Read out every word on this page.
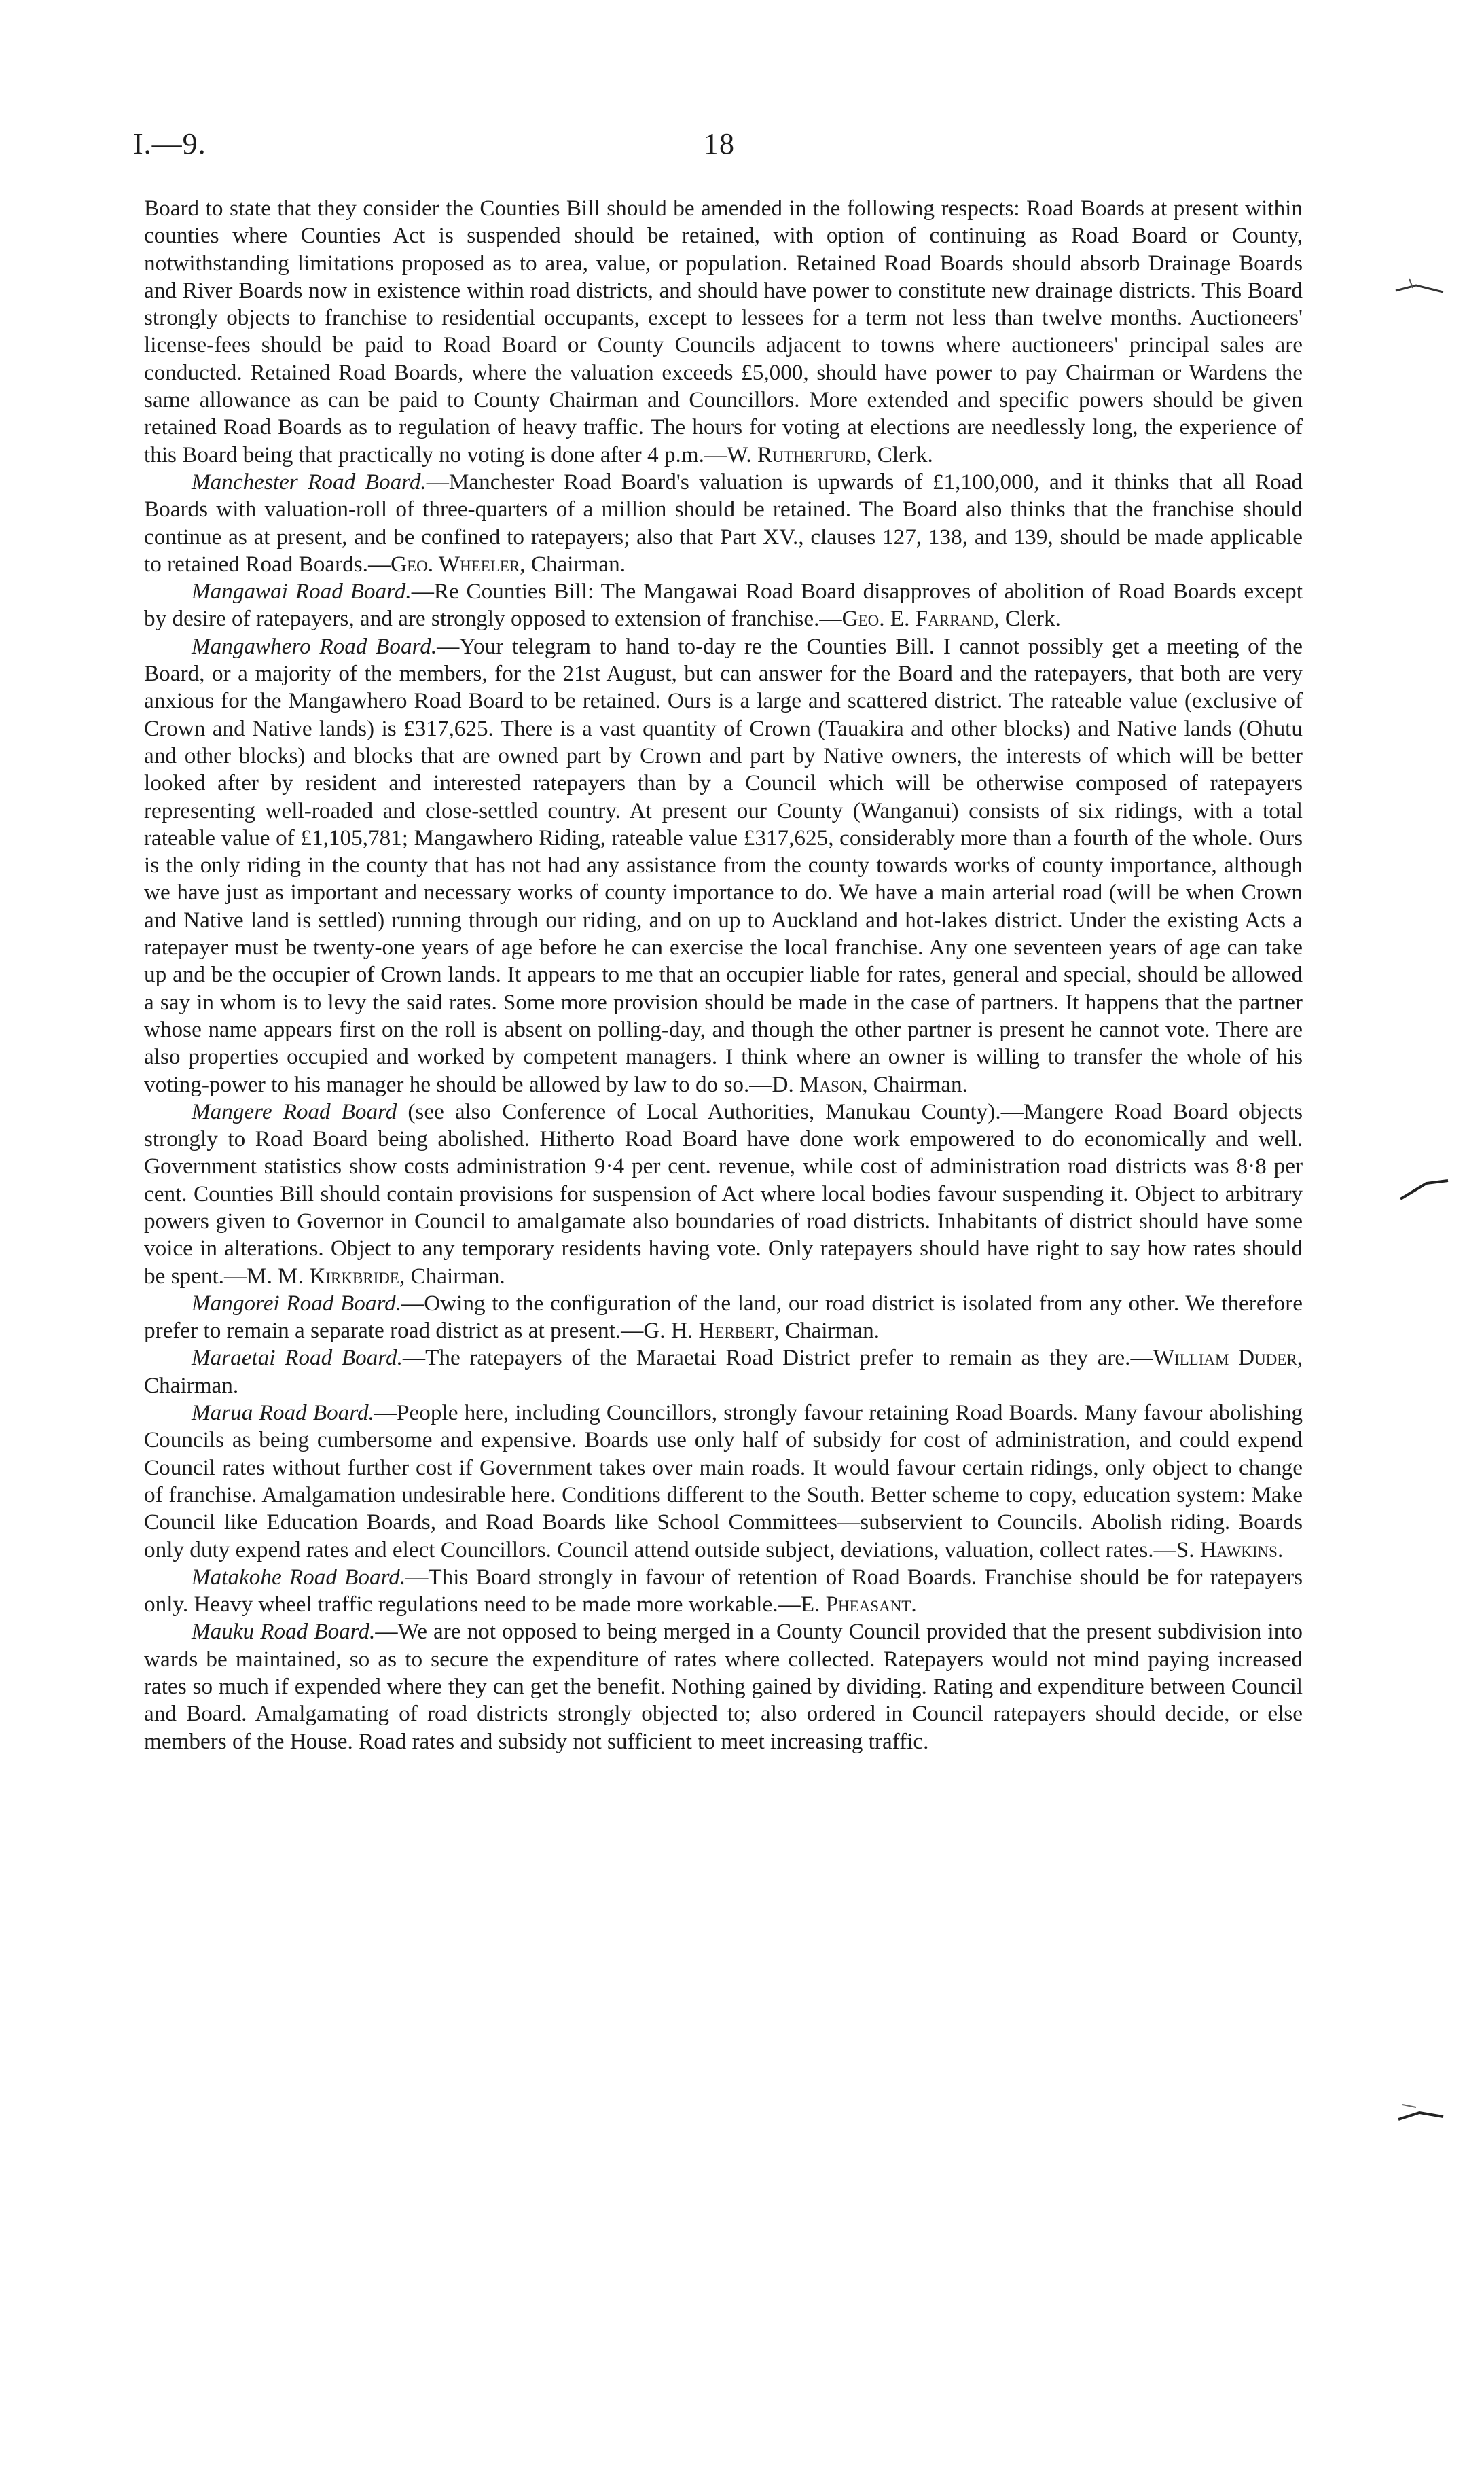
I.—9.	18

Board to state that they consider the Counties Bill should be amended in the following respects: Road Boards at present within counties where Counties Act is suspended should be retained, with option of continuing as Road Board or County, notwithstanding limitations proposed as to area, value, or population. Retained Road Boards should absorb Drainage Boards and River Boards now in existence within road districts, and should have power to constitute new drainage districts. This Board strongly objects to franchise to residential occupants, except to lessees for a term not less than twelve months. Auctioneers' license-fees should be paid to Road Board or County Councils adjacent to towns where auctioneers' principal sales are conducted. Retained Road Boards, where the valuation exceeds £5,000, should have power to pay Chairman or Wardens the same allowance as can be paid to County Chairman and Councillors. More extended and specific powers should be given retained Road Boards as to regulation of heavy traffic. The hours for voting at elections are needlessly long, the experience of this Board being that practically no voting is done after 4 p.m.—W. Rutherfurd, Clerk.

Manchester Road Board.—Manchester Road Board's valuation is upwards of £1,100,000, and it thinks that all Road Boards with valuation-roll of three-quarters of a million should be retained. The Board also thinks that the franchise should continue as at present, and be confined to ratepayers; also that Part XV., clauses 127, 138, and 139, should be made applicable to retained Road Boards.—Geo. Wheeler, Chairman.

Mangawai Road Board.—Re Counties Bill: The Mangawai Road Board disapproves of abolition of Road Boards except by desire of ratepayers, and are strongly opposed to extension of franchise.—Geo. E. Farrand, Clerk.

Mangawhero Road Board.—Your telegram to hand to-day re the Counties Bill. I cannot possibly get a meeting of the Board, or a majority of the members, for the 21st August, but can answer for the Board and the ratepayers, that both are very anxious for the Mangawhero Road Board to be retained. Ours is a large and scattered district. The rateable value (exclusive of Crown and Native lands) is £317,625. There is a vast quantity of Crown (Tauakira and other blocks) and Native lands (Ohutu and other blocks) and blocks that are owned part by Crown and part by Native owners, the interests of which will be better looked after by resident and interested ratepayers than by a Council which will be otherwise composed of ratepayers representing well-roaded and close-settled country. At present our County (Wanganui) consists of six ridings, with a total rateable value of £1,105,781; Mangawhero Riding, rateable value £317,625, considerably more than a fourth of the whole. Ours is the only riding in the county that has not had any assistance from the county towards works of county importance, although we have just as important and necessary works of county importance to do. We have a main arterial road (will be when Crown and Native land is settled) running through our riding, and on up to Auckland and hot-lakes district. Under the existing Acts a ratepayer must be twenty-one years of age before he can exercise the local franchise. Any one seventeen years of age can take up and be the occupier of Crown lands. It appears to me that an occupier liable for rates, general and special, should be allowed a say in whom is to levy the said rates. Some more provision should be made in the case of partners. It happens that the partner whose name appears first on the roll is absent on polling-day, and though the other partner is present he cannot vote. There are also properties occupied and worked by competent managers. I think where an owner is willing to transfer the whole of his voting-power to his manager he should be allowed by law to do so.—D. Mason, Chairman.

Mangere Road Board (see also Conference of Local Authorities, Manukau County).—Mangere Road Board objects strongly to Road Board being abolished. Hitherto Road Board have done work empowered to do economically and well. Government statistics show costs administration 9·4 per cent. revenue, while cost of administration road districts was 8·8 per cent. Counties Bill should contain provisions for suspension of Act where local bodies favour suspending it. Object to arbitrary powers given to Governor in Council to amalgamate also boundaries of road districts. Inhabitants of district should have some voice in alterations. Object to any temporary residents having vote. Only ratepayers should have right to say how rates should be spent.—M. M. Kirkbride, Chairman.

Mangorei Road Board.—Owing to the configuration of the land, our road district is isolated from any other. We therefore prefer to remain a separate road district as at present.—G. H. Herbert, Chairman.

Maraetai Road Board.—The ratepayers of the Maraetai Road District prefer to remain as they are.—William Duder, Chairman.

Marua Road Board.—People here, including Councillors, strongly favour retaining Road Boards. Many favour abolishing Councils as being cumbersome and expensive. Boards use only half of subsidy for cost of administration, and could expend Council rates without further cost if Government takes over main roads. It would favour certain ridings, only object to change of franchise. Amalgamation undesirable here. Conditions different to the South. Better scheme to copy, education system: Make Council like Education Boards, and Road Boards like School Committees—subservient to Councils. Abolish riding. Boards only duty expend rates and elect Councillors. Council attend outside subject, deviations, valuation, collect rates.—S. Hawkins.

Matakohe Road Board.—This Board strongly in favour of retention of Road Boards. Franchise should be for ratepayers only. Heavy wheel traffic regulations need to be made more workable.—E. Pheasant.

Mauku Road Board.—We are not opposed to being merged in a County Council provided that the present subdivision into wards be maintained, so as to secure the expenditure of rates where collected. Ratepayers would not mind paying increased rates so much if expended where they can get the benefit. Nothing gained by dividing. Rating and expenditure between Council and Board. Amalgamating of road districts strongly objected to; also ordered in Council ratepayers should decide, or else members of the House. Road rates and subsidy not sufficient to meet increasing traffic.
